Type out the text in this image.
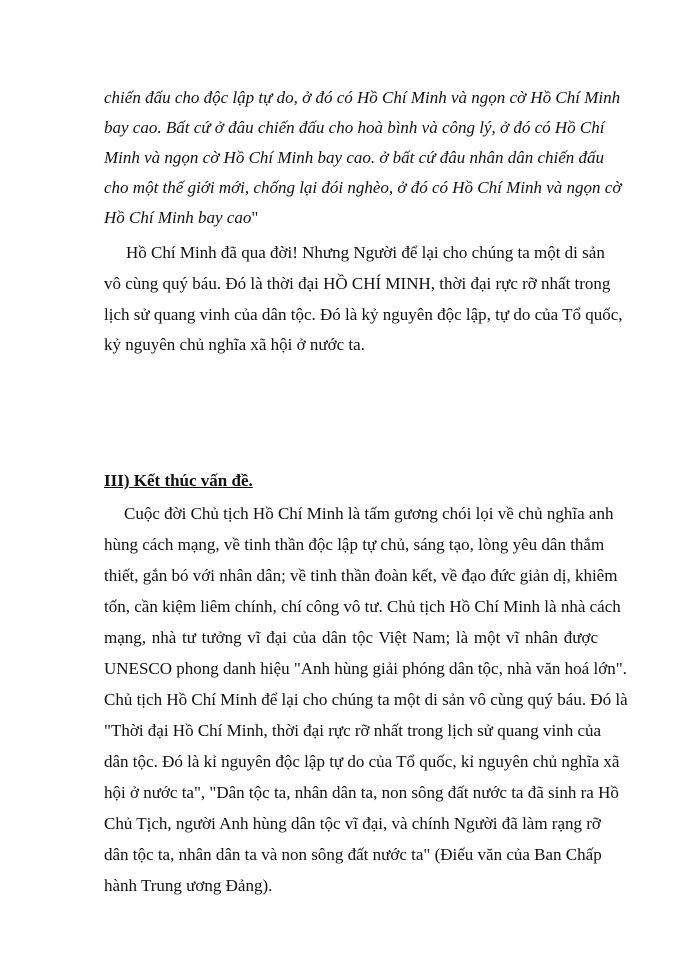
chiến đấu cho độc lập tự do, ở đó có Hồ Chí Minh và ngọn cờ Hồ Chí Minh
bay cao. Bất cứ ở đâu chiến đấu cho hoà bình và công lý, ở đó có Hồ Chí
Minh và ngọn cờ Hồ Chí Minh bay cao. ở bất cứ đâu nhân dân chiến đấu
cho một thế giới mới, chống lại đói nghèo, ở đó có Hồ Chí Minh và ngọn cờ
Hồ Chí Minh bay cao"
Hồ Chí Minh đã qua đời! Nhưng Người để lại cho chúng ta một di sản
vô cùng quý báu. Đó là thời đại HỒ CHÍ MINH, thời đại rực rỡ nhất trong
lịch sử quang vinh của dân tộc. Đó là kỷ nguyên độc lập, tự do của Tổ quốc,
kỷ nguyên chủ nghĩa xã hội ở nước ta.
III) Kết thúc vấn đề.
Cuộc đời Chủ tịch Hồ Chí Minh là tấm gương chói lọi về chủ nghĩa anh
hùng cách mạng, về tinh thần độc lập tự chủ, sáng tạo, lòng yêu dân thắm
thiết, gắn bó với nhân dân; về tinh thần đoàn kết, về đạo đức giản dị, khiêm
tốn, cần kiệm liêm chính, chí công vô tư. Chủ tịch Hồ Chí Minh là nhà cách
mạng, nhà tư tưởng vĩ đại của dân tộc Việt Nam; là một vĩ nhân được
UNESCO phong danh hiệu "Anh hùng giải phóng dân tộc, nhà văn hoá lớn".
Chủ tịch Hồ Chí Minh để lại cho chúng ta một di sản vô cùng quý báu. Đó là
"Thời đại Hồ Chí Minh, thời đại rực rỡ nhất trong lịch sử quang vinh của
dân tộc. Đó là kỉ nguyên độc lập tự do của Tổ quốc, kỉ nguyên chủ nghĩa xã
hội ở nước ta", "Dân tộc ta, nhân dân ta, non sông đất nước ta đã sinh ra Hồ
Chủ Tịch, người Anh hùng dân tộc vĩ đại, và chính Người đã làm rạng rỡ
dân tộc ta, nhân dân ta và non sông đất nước ta" (Điếu văn của Ban Chấp
hành Trung ương Đảng).
